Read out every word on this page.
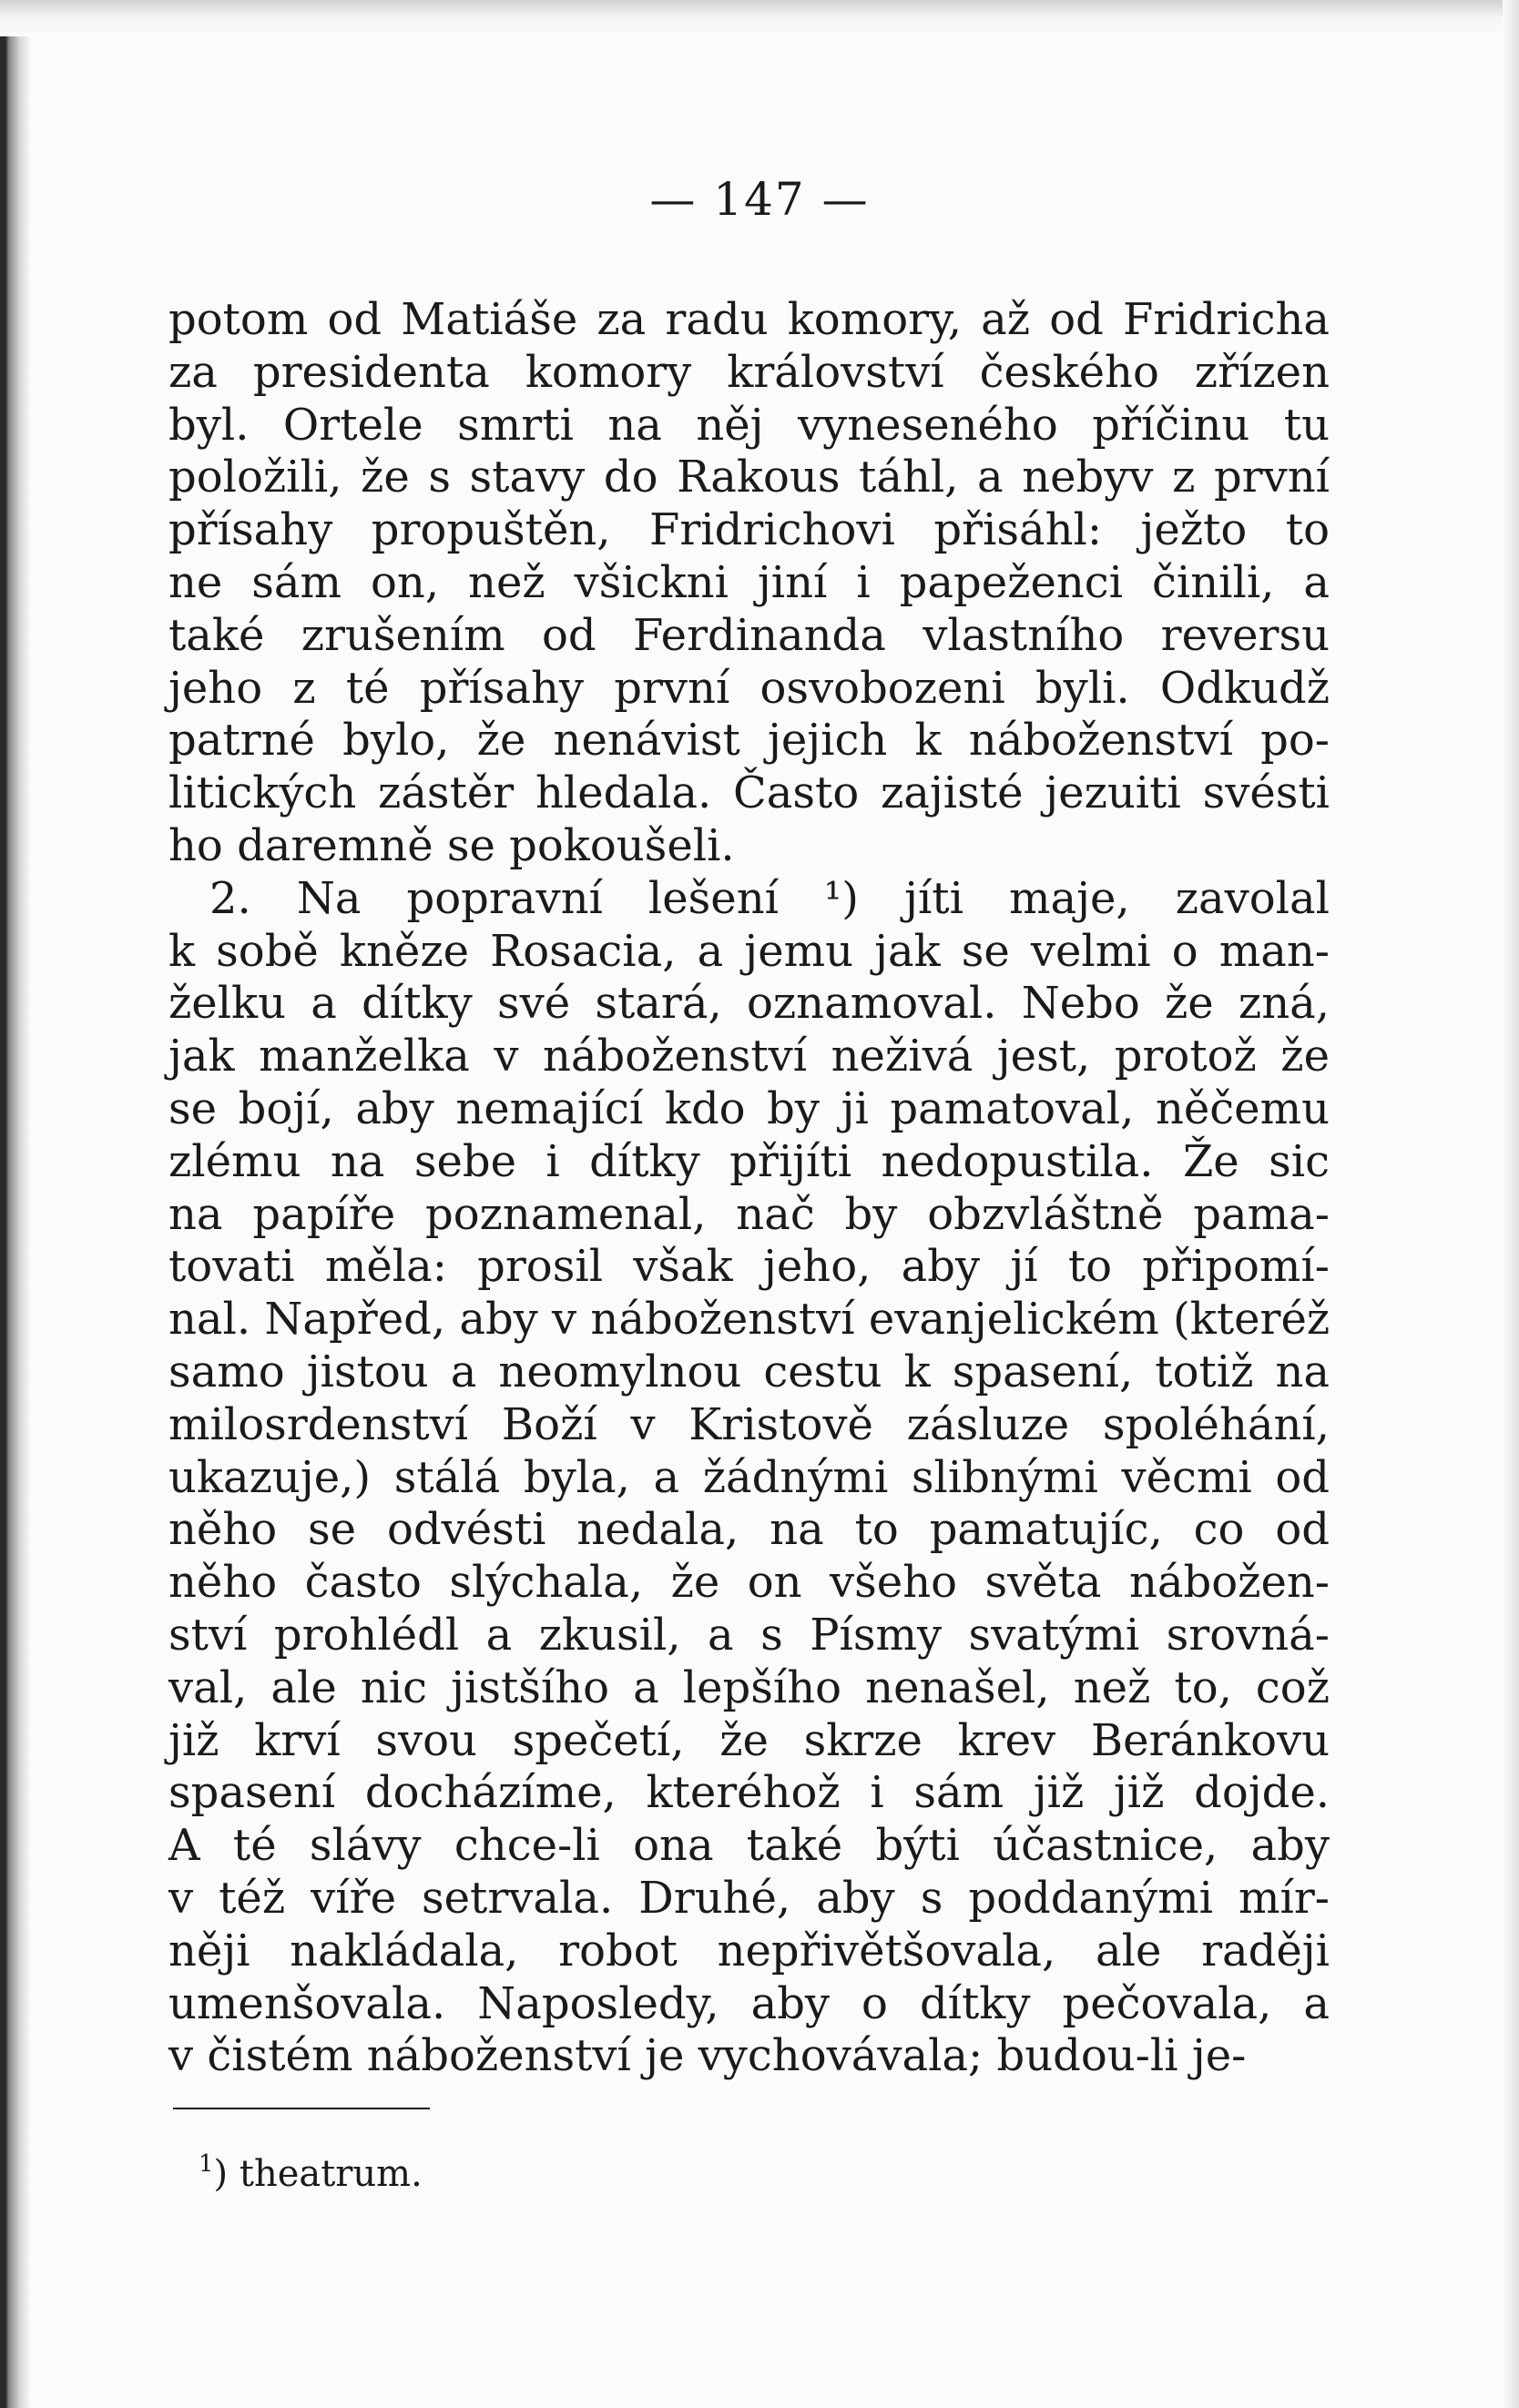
— 147 —
potom od Matiáše za radu komory, až od Fridricha
za presidenta komory království českého zřízen
byl. Ortele smrti na něj vyneseného příčinu tu
položili, že s stavy do Rakous táhl, a nebyv z první
přísahy propuštěn, Fridrichovi přisáhl: ježto to
ne sám on, než všickni jiní i papeženci činili, a
také zrušením od Ferdinanda vlastního reversu
jeho z té přísahy první osvobozeni byli. Odkudž
patrné bylo, že nenávist jejich k náboženství po-
litických zástěr hledala. Často zajisté jezuiti svésti
ho daremně se pokoušeli.
2. Na popravní lešení ¹) jíti maje, zavolal
k sobě kněze Rosacia, a jemu jak se velmi o man-
želku a dítky své stará, oznamoval. Nebo že zná,
jak manželka v náboženství neživá jest, protož že
se bojí, aby nemající kdo by ji pamatoval, něčemu
zlému na sebe i dítky přijíti nedopustila. Že sic
na papíře poznamenal, nač by obzvláštně pama-
tovati měla: prosil však jeho, aby jí to připomí-
nal. Napřed, aby v náboženství evanjelickém (kteréž
samo jistou a neomylnou cestu k spasení, totiž na
milosrdenství Boží v Kristově zásluze spoléhání,
ukazuje,) stálá byla, a žádnými slibnými věcmi od
něho se odvésti nedala, na to pamatujíc, co od
něho často slýchala, že on všeho světa nábožen-
ství prohlédl a zkusil, a s Písmy svatými srovná-
val, ale nic jistšího a lepšího nenašel, než to, což
již krví svou spečetí, že skrze krev Beránkovu
spasení docházíme, kteréhož i sám již již dojde.
A té slávy chce-li ona také býti účastnice, aby
v též víře setrvala. Druhé, aby s poddanými mír-
něji nakládala, robot nepřivětšovala, ale raději
umenšovala. Naposledy, aby o dítky pečovala, a
v čistém náboženství je vychovávala; budou-li je-
$^1$) theatrum.
